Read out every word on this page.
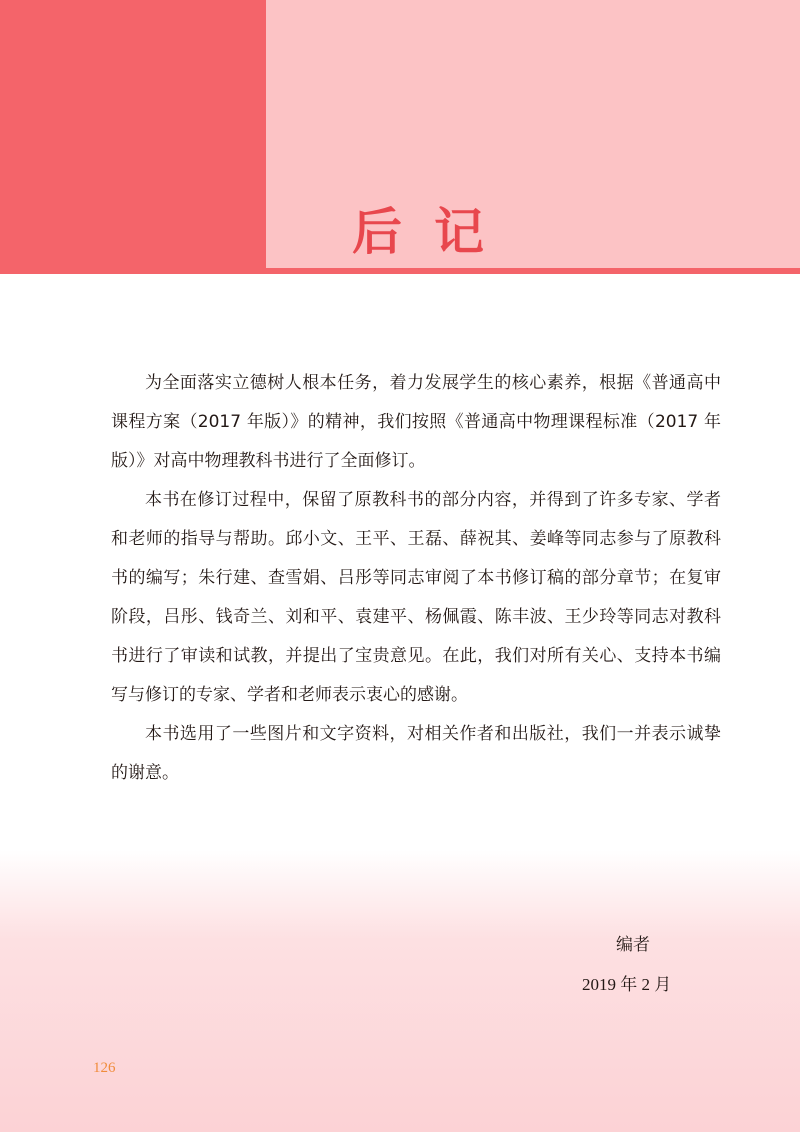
后记

为全面落实立德树人根本任务，着力发展学生的核心素养，根据《普通高中课程方案（2017 年版）》的精神，我们按照《普通高中物理课程标准（2017 年版）》对高中物理教科书进行了全面修订。

本书在修订过程中，保留了原教科书的部分内容，并得到了许多专家、学者和老师的指导与帮助。邱小文、王平、王磊、薛祝其、姜峰等同志参与了原教科书的编写；朱行建、查雪娟、吕彤等同志审阅了本书修订稿的部分章节；在复审阶段，吕彤、钱奇兰、刘和平、袁建平、杨佩霞、陈丰波、王少玲等同志对教科书进行了审读和试教，并提出了宝贵意见。在此，我们对所有关心、支持本书编写与修订的专家、学者和老师表示衷心的感谢。

本书选用了一些图片和文字资料，对相关作者和出版社，我们一并表示诚挚的谢意。

编者
2019 年 2 月
126
